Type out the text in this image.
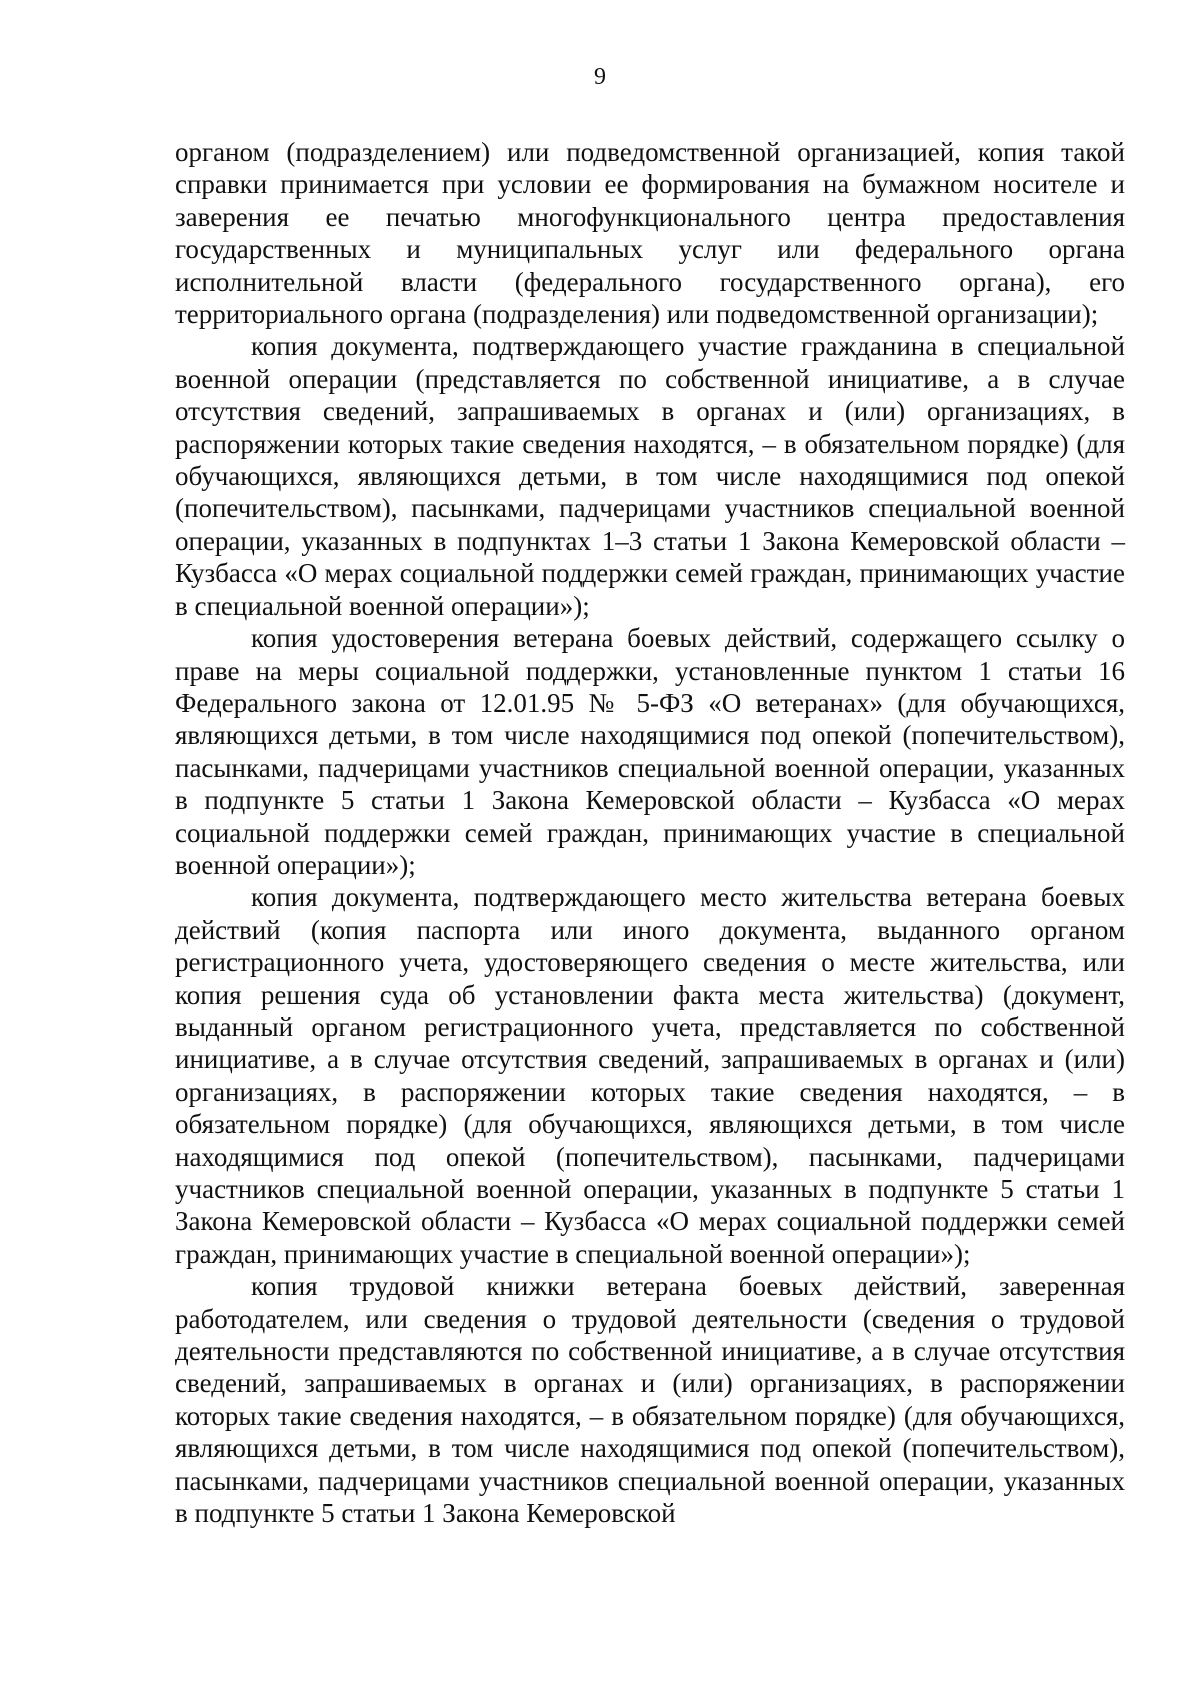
9

органом (подразделением) или подведомственной организацией, копия такой справки принимается при условии ее формирования на бумажном носителе и заверения ее печатью многофункционального центра предоставления государственных и муниципальных услуг или федерального органа исполнительной власти (федерального государственного органа), его территориального органа (подразделения) или подведомственной организации);

копия документа, подтверждающего участие гражданина в специальной военной операции (представляется по собственной инициативе, а в случае отсутствия сведений, запрашиваемых в органах и (или) организациях, в распоряжении которых такие сведения находятся, – в обязательном порядке) (для обучающихся, являющихся детьми, в том числе находящимися под опекой (попечительством), пасынками, падчерицами участников специальной военной операции, указанных в подпунктах 1–3 статьи 1 Закона Кемеровской области – Кузбасса «О мерах социальной поддержки семей граждан, принимающих участие в специальной военной операции»);

копия удостоверения ветерана боевых действий, содержащего ссылку о праве на меры социальной поддержки, установленные пунктом 1 статьи 16 Федерального закона от 12.01.95 № 5-ФЗ «О ветеранах» (для обучающихся, являющихся детьми, в том числе находящимися под опекой (попечительством), пасынками, падчерицами участников специальной военной операции, указанных в подпункте 5 статьи 1 Закона Кемеровской области – Кузбасса «О мерах социальной поддержки семей граждан, принимающих участие в специальной военной операции»);

копия документа, подтверждающего место жительства ветерана боевых действий (копия паспорта или иного документа, выданного органом регистрационного учета, удостоверяющего сведения о месте жительства, или копия решения суда об установлении факта места жительства) (документ, выданный органом регистрационного учета, представляется по собственной инициативе, а в случае отсутствия сведений, запрашиваемых в органах и (или) организациях, в распоряжении которых такие сведения находятся, – в обязательном порядке) (для обучающихся, являющихся детьми, в том числе находящимися под опекой (попечительством), пасынками, падчерицами участников специальной военной операции, указанных в подпункте 5 статьи 1 Закона Кемеровской области – Кузбасса «О мерах социальной поддержки семей граждан, принимающих участие в специальной военной операции»);

копия трудовой книжки ветерана боевых действий, заверенная работодателем, или сведения о трудовой деятельности (сведения о трудовой деятельности представляются по собственной инициативе, а в случае отсутствия сведений, запрашиваемых в органах и (или) организациях, в распоряжении которых такие сведения находятся, – в обязательном порядке) (для обучающихся, являющихся детьми, в том числе находящимися под опекой (попечительством), пасынками, падчерицами участников специальной военной операции, указанных в подпункте 5 статьи 1 Закона Кемеровской
